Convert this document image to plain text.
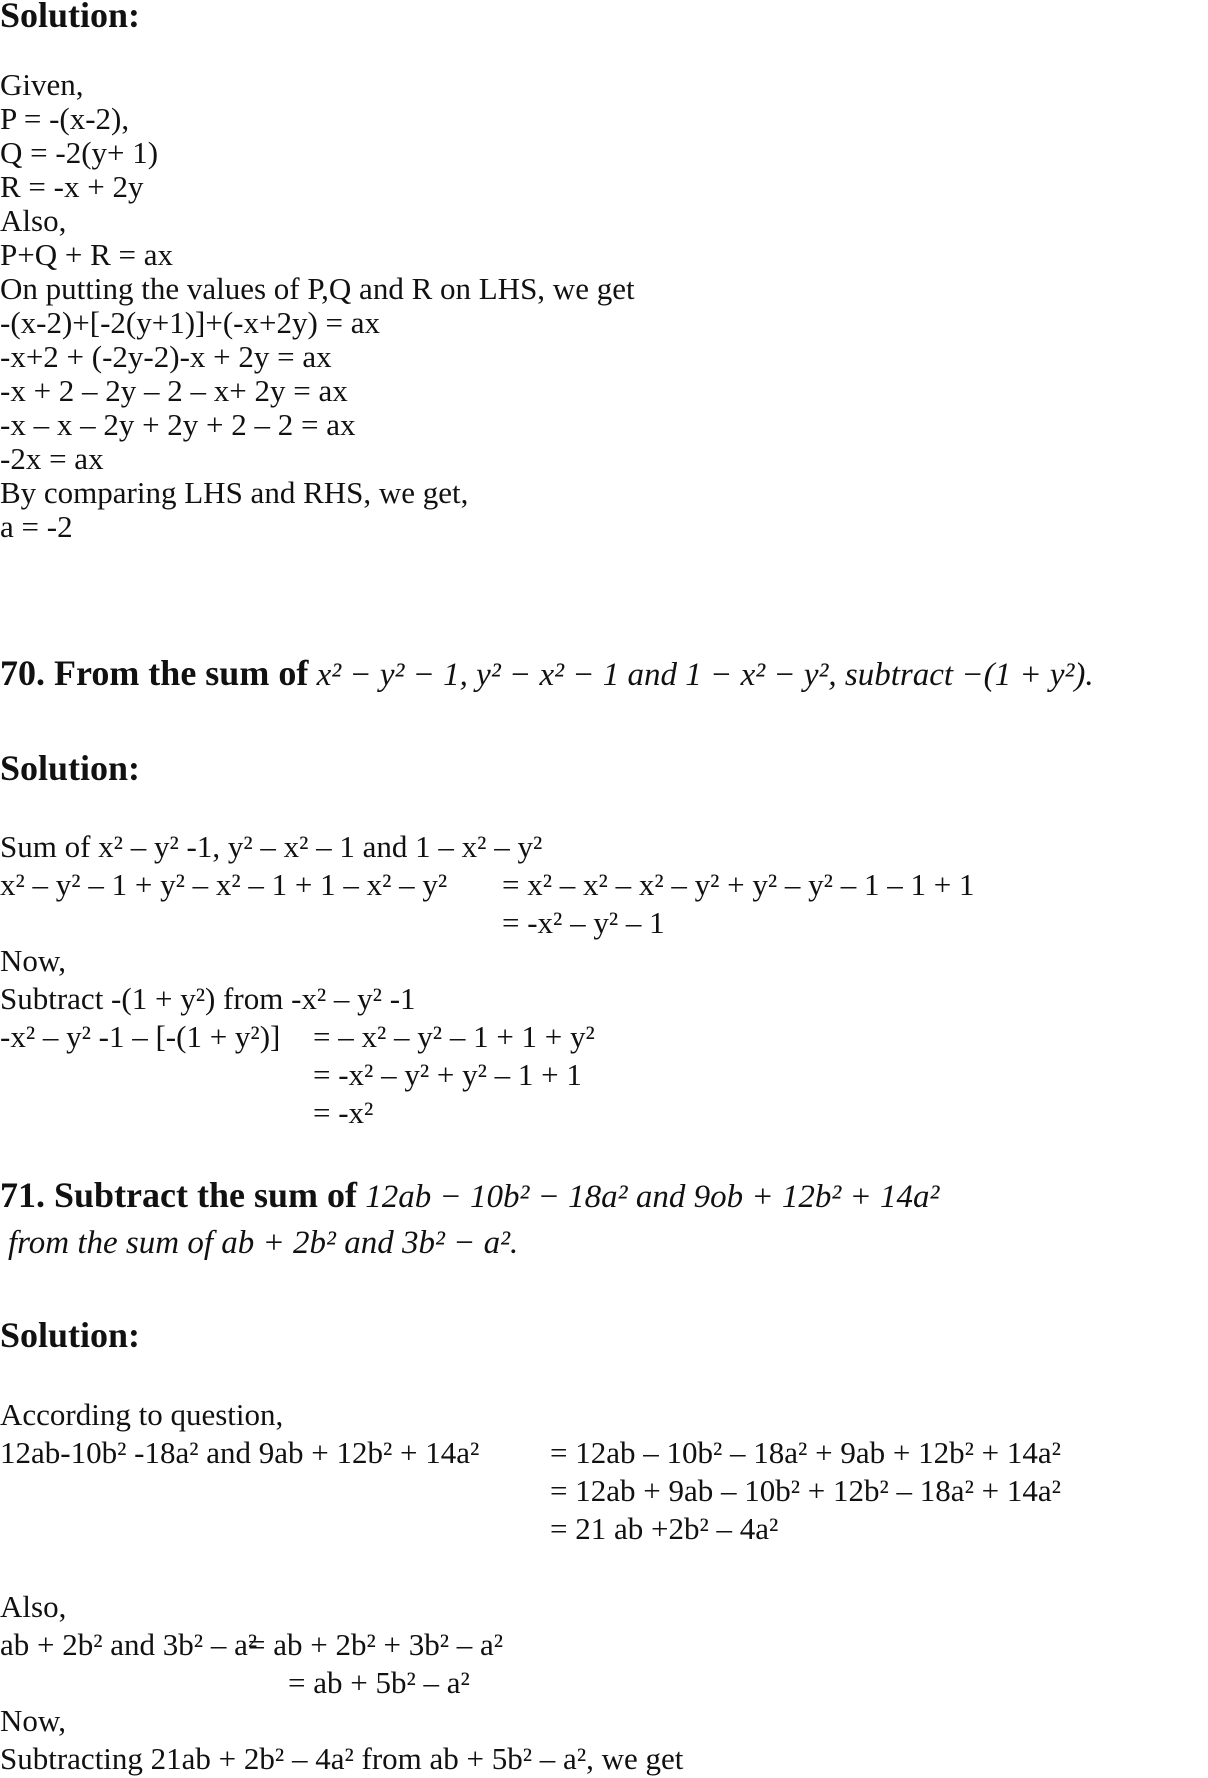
Solution:
Given,
P = -(x-2),
Q = -2(y+ 1)
R = -x + 2y
Also,
P+Q + R = ax
On putting the values of P,Q and R on LHS, we get
-(x-2)+[-2(y+1)]+(-x+2y) = ax
-x+2 + (-2y-2)-x + 2y = ax
-x + 2 – 2y – 2 – x+ 2y = ax
-x – x – 2y + 2y + 2 – 2 = ax
-2x = ax
By comparing LHS and RHS, we get,
a = -2
70. From the sum of x² − y² − 1, y² − x² − 1 and 1 − x² − y², subtract −(1 + y²).
Solution:
Sum of x² – y² -1, y² – x² – 1 and 1 – x² – y²
x² – y² – 1 + y² – x² – 1 + 1 – x² – y² = x² – x² – x² – y² + y² – y² – 1 – 1 + 1
= -x² – y² – 1
Now,
Subtract -(1 + y²) from -x² – y² -1
-x² – y² -1 – [-(1 + y²)] = – x² – y² – 1 + 1 + y²
= -x² – y² + y² – 1 + 1
= -x²
71. Subtract the sum of 12ab − 10b² − 18a² and 9ob + 12b² + 14a²
from the sum of ab + 2b² and 3b² − a².
Solution:
According to question,
12ab-10b² -18a² and 9ab + 12b² + 14a² = 12ab – 10b² – 18a² + 9ab + 12b² + 14a²
= 12ab + 9ab – 10b² + 12b² – 18a² + 14a²
= 21 ab +2b² – 4a²
Also,
ab + 2b² and 3b² – a²
= ab + 2b² + 3b² – a²
= ab + 5b² – a²
Now,
Subtracting 21ab + 2b² – 4a² from ab + 5b² – a², we get
